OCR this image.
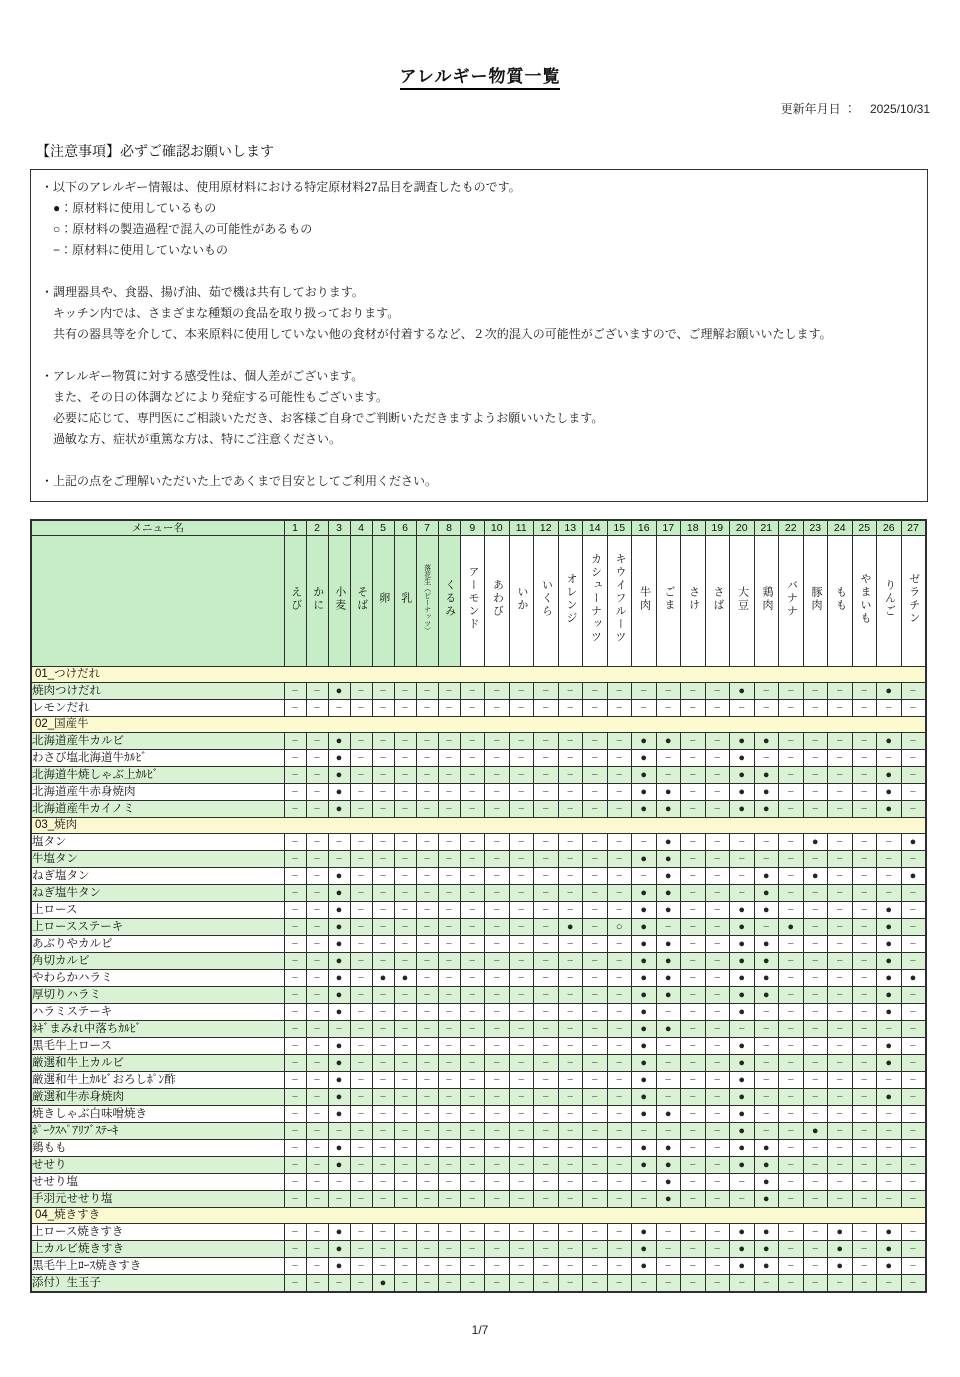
アレルギー物質一覧
更新年月日 ： 2025/10/31
【注意事項】必ずご確認お願いします
・以下のアレルギー情報は、使用原材料における特定原材料27品目を調査したものです。
　●：原材料に使用しているもの
　○：原材料の製造過程で混入の可能性があるもの
　−：原材料に使用していないもの
・調理器具や、食器、揚げ油、茹で機は共有しております。
　キッチン内では、さまざまな種類の食品を取り扱っております。
　共有の器具等を介して、本来原料に使用していない他の食材が付着するなど、２次的混入の可能性がございますので、ご理解お願いいたします。
・アレルギー物質に対する感受性は、個人差がございます。
　また、その日の体調などにより発症する可能性もございます。
　必要に応じて、専門医にご相談いただき、お客様ご自身でご判断いただきますようお願いいたします。
　過敏な方、症状が重篤な方は、特にご注意ください。
・上記の点をご理解いただいた上であくまで目安としてご利用ください。
メニュー名	1	2	3	4	5	6	7	8	9	10	11	12	13	14	15	16	17	18	19	20	21	22	23	24	25	26	27
	えび	かに	小麦	そば	卵	乳	落花生（ピーナッツ）	くるみ	アーモンド	あわび	いか	いくら	オレンジ	カシューナッツ	キウイフルーツ	牛肉	ごま	さけ	さば	大豆	鶏肉	バナナ	豚肉	もも	やまいも	りんご	ゼラチン
01_つけだれ																											
焼肉つけだれ	−	−	●	−	−	−	−	−	−	−	−	−	−	−	−	−	−	−	−	●	−	−	−	−	−	●	−
レモンだれ	−	−	−	−	−	−	−	−	−	−	−	−	−	−	−	−	−	−	−	−	−	−	−	−	−	−	−
02_国産牛																											
北海道産牛カルビ	−	−	●	−	−	−	−	−	−	−	−	−	−	−	−	●	●	−	−	●	●	−	−	−	−	●	−
わさび塩北海道牛ｶﾙﾋﾞ	−	−	●	−	−	−	−	−	−	−	−	−	−	−	−	●	−	−	−	●	−	−	−	−	−	−	−
北海道牛焼しゃぶ上ｶﾙﾋﾞ	−	−	●	−	−	−	−	−	−	−	−	−	−	−	−	●	−	−	−	●	●	−	−	−	−	●	−
北海道産牛赤身焼肉	−	−	●	−	−	−	−	−	−	−	−	−	−	−	−	●	●	−	−	●	●	−	−	−	−	●	−
北海道産牛カイノミ	−	−	●	−	−	−	−	−	−	−	−	−	−	−	−	●	●	−	−	●	●	−	−	−	−	●	−
03_焼肉																											
塩タン	−	−	−	−	−	−	−	−	−	−	−	−	−	−	−	−	●	−	−	−	−	−	●	−	−	−	●
牛塩タン	−	−	−	−	−	−	−	−	−	−	−	−	−	−	−	●	●	−	−	−	−	−	−	−	−	−	−
ねぎ塩タン	−	−	●	−	−	−	−	−	−	−	−	−	−	−	−	−	●	−	−	−	●	−	●	−	−	−	●
ねぎ塩牛タン	−	−	●	−	−	−	−	−	−	−	−	−	−	−	−	●	●	−	−	−	●	−	−	−	−	−	−
上ロース	−	−	●	−	−	−	−	−	−	−	−	−	−	−	−	●	●	−	−	●	●	−	−	−	−	●	−
上ロースステーキ	−	−	●	−	−	−	−	−	−	−	−	−	●	−	○	●	−	−	−	●	−	●	−	−	−	●	−
あぶりやカルビ	−	−	●	−	−	−	−	−	−	−	−	−	−	−	−	●	●	−	−	●	●	−	−	−	−	●	−
角切カルビ	−	−	●	−	−	−	−	−	−	−	−	−	−	−	−	●	●	−	−	●	●	−	−	−	−	●	−
やわらかハラミ	−	−	●	−	●	●	−	−	−	−	−	−	−	−	−	●	●	−	−	●	●	−	−	−	−	●	●
厚切りハラミ	−	−	●	−	−	−	−	−	−	−	−	−	−	−	−	●	●	−	−	●	●	−	−	−	−	●	−
ハラミステーキ	−	−	●	−	−	−	−	−	−	−	−	−	−	−	−	●	−	−	−	●	−	−	−	−	−	●	−
ﾈｷﾞまみれ中落ちｶﾙﾋﾞ	−	−	−	−	−	−	−	−	−	−	−	−	−	−	−	●	●	−	−	−	−	−	−	−	−	−	−
黒毛牛上ロース	−	−	●	−	−	−	−	−	−	−	−	−	−	−	−	●	−	−	−	●	−	−	−	−	−	●	−
厳選和牛上カルビ	−	−	●	−	−	−	−	−	−	−	−	−	−	−	−	●	−	−	−	●	−	−	−	−	−	●	−
厳選和牛上ｶﾙﾋﾞおろしﾎﾟﾝ酢	−	−	●	−	−	−	−	−	−	−	−	−	−	−	−	●	−	−	−	●	−	−	−	−	−	−	−
厳選和牛赤身焼肉	−	−	●	−	−	−	−	−	−	−	−	−	−	−	−	●	−	−	−	●	−	−	−	−	−	●	−
焼きしゃぶ白味噌焼き	−	−	●	−	−	−	−	−	−	−	−	−	−	−	−	●	●	−	−	●	−	−	−	−	−	−	−
ﾎﾟｰｸｽﾍﾟｱﾘﾌﾞｽﾃｰｷ	−	−	−	−	−	−	−	−	−	−	−	−	−	−	−	−	−	−	−	●	−	−	●	−	−	−	−
鶏もも	−	−	●	−	−	−	−	−	−	−	−	−	−	−	−	●	●	−	−	●	●	−	−	−	−	−	−
せせり	−	−	●	−	−	−	−	−	−	−	−	−	−	−	−	●	●	−	−	●	●	−	−	−	−	−	−
せせり塩	−	−	−	−	−	−	−	−	−	−	−	−	−	−	−	−	●	−	−	−	●	−	−	−	−	−	−
手羽元せせり塩	−	−	−	−	−	−	−	−	−	−	−	−	−	−	−	−	●	−	−	−	●	−	−	−	−	−	−
04_焼きすき																											
上ロース焼きすき	−	−	●	−	−	−	−	−	−	−	−	−	−	−	−	●	−	−	−	●	●	−	−	●	−	●	−
上カルビ焼きすき	−	−	●	−	−	−	−	−	−	−	−	−	−	−	−	●	−	−	−	●	●	−	−	●	−	●	−
黒毛牛上ﾛｰｽ焼きすき	−	−	●	−	−	−	−	−	−	−	−	−	−	−	−	●	−	−	−	●	●	−	−	●	−	●	−
添付）生玉子	−	−	−	−	●	−	−	−	−	−	−	−	−	−	−	−	−	−	−	−	−	−	−	−	−	−	−
1/7
